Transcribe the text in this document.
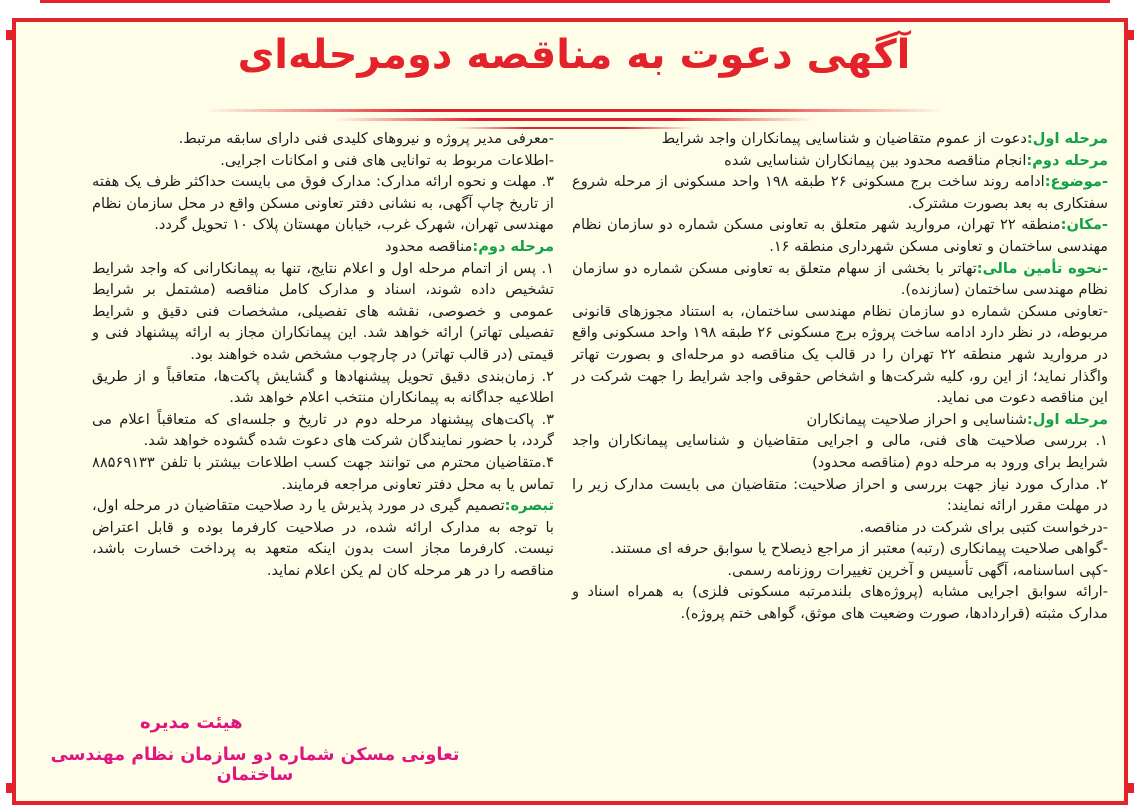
آگهی دعوت به مناقصه دومرحله‌ای

مرحله اول:دعوت از عموم متقاضیان و شناسایی پیمانکاران واجد شرایط

مرحله دوم:انجام مناقصه محدود بین پیمانکاران شناسایی شده

-موضوع:ادامه روند ساخت برج مسکونی ۲۶ طبقه ۱۹۸ واحد مسکونی از مرحله شروع سفتکاری به بعد بصورت مشترک.

-مکان:منطقه ۲۲ تهران، مروارید شهر متعلق به تعاونی مسکن شماره دو سازمان نظام مهندسی ساختمان و تعاونی مسکن شهرداری منطقه ۱۶.

-نحوه تأمین مالی:تهاتر با بخشی از سهام متعلق به تعاونی مسکن شماره دو سازمان نظام مهندسی ساختمان (سازنده).

-تعاونی مسکن شماره دو سازمان نظام مهندسی ساختمان، به استناد مجوزهای قانونی مربوطه، در نظر دارد ادامه ساخت پروژه برج مسکونی ۲۶ طبقه ۱۹۸ واحد مسکونی واقع در مروارید شهر منطقه ۲۲ تهران را در قالب یک مناقصه دو مرحله‌ای و بصورت تهاتر واگذار نماید؛ از این رو، کلیه شرکت‌ها و اشخاص حقوقی واجد شرایط را جهت شرکت در این مناقصه دعوت می نماید.

مرحله اول:شناسایی و احراز صلاحیت پیمانکاران

۱. بررسی صلاحیت های فنی، مالی و اجرایی متقاضیان و شناسایی پیمانکاران واجد شرایط برای ورود به مرحله دوم (مناقصه محدود)

۲. مدارک مورد نیاز جهت بررسی و احراز صلاحیت: متقاضیان می بایست مدارک زیر را در مهلت مقرر ارائه نمایند:

-درخواست کتبی برای شرکت در مناقصه.

-گواهی صلاحیت پیمانکاری (رتبه) معتبر از مراجع ذیصلاح یا سوابق حرفه ای مستند.

-کپی اساسنامه، آگهی تأسیس و آخرین تغییرات روزنامه رسمی.

-ارائه سوابق اجرایی مشابه (پروژه‌های بلندمرتبه مسکونی فلزی) به همراه اسناد و مدارک مثبته (قراردادها، صورت وضعیت های موثق، گواهی ختم پروژه).

-معرفی مدیر پروژه و نیروهای کلیدی فنی دارای سابقه مرتبط.

-اطلاعات مربوط به توانایی های فنی و امکانات اجرایی.

۳. مهلت و نحوه ارائه مدارک: مدارک فوق می بایست حداکثر ظرف یک هفته از تاریخ چاپ آگهی، به نشانی دفتر تعاونی مسکن واقع در محل سازمان نظام مهندسی تهران، شهرک غرب، خیابان مهستان پلاک ۱۰ تحویل گردد.

مرحله دوم:مناقصه محدود

۱. پس از اتمام مرحله اول و اعلام نتایج، تنها به پیمانکارانی که واجد شرایط تشخیص داده شوند، اسناد و مدارک کامل مناقصه (مشتمل بر شرایط عمومی و خصوصی، نقشه های تفصیلی، مشخصات فنی دقیق و شرایط تفصیلی تهاتر) ارائه خواهد شد. این پیمانکاران مجاز به ارائه پیشنهاد فنی و قیمتی (در قالب تهاتر) در چارچوب مشخص شده خواهند بود.

۲. زمان‌بندی دقیق تحویل پیشنهادها و گشایش پاکت‌ها، متعاقباً و از طریق اطلاعیه جداگانه به پیمانکاران منتخب اعلام خواهد شد.

۳. پاکت‌های پیشنهاد مرحله دوم در تاریخ و جلسه‌ای که متعاقباً اعلام می گردد، با حضور نمایندگان شرکت های دعوت شده گشوده خواهد شد.

۴.متقاضیان محترم می توانند جهت کسب اطلاعات بیشتر با تلفن ۸۸۵۶۹۱۳۳ تماس یا به محل دفتر تعاونی مراجعه فرمایند.

تبصره:تصمیم گیری در مورد پذیرش یا رد صلاحیت متقاضیان در مرحله اول، با توجه به مدارک ارائه شده، در صلاحیت کارفرما بوده و قابل اعتراض نیست. کارفرما مجاز است بدون اینکه متعهد به پرداخت خسارت باشد، مناقصه را در هر مرحله کان لم یکن اعلام نماید.

هیئت مدیره
تعاونی مسکن شماره دو سازمان نظام مهندسی ساختمان
